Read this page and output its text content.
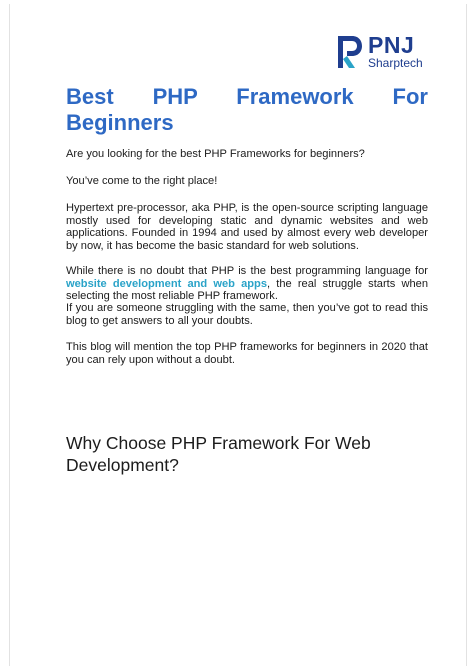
PNJ
Sharptech
Best PHP Framework For
Beginners

Are you looking for the best PHP Frameworks for beginners?

You’ve come to the right place!

Hypertext pre-processor, aka PHP, is the open-source scripting language mostly used for developing static and dynamic websites and web applications. Founded in 1994 and used by almost every web developer by now, it has become the basic standard for web solutions.

While there is no doubt that PHP is the best programming language for website development and web apps, the real struggle starts when selecting the most reliable PHP framework.

If you are someone struggling with the same, then you’ve got to read this blog to get answers to all your doubts.

This blog will mention the top PHP frameworks for beginners in 2020 that you can rely upon without a doubt.

Why Choose PHP Framework For Web Development?
